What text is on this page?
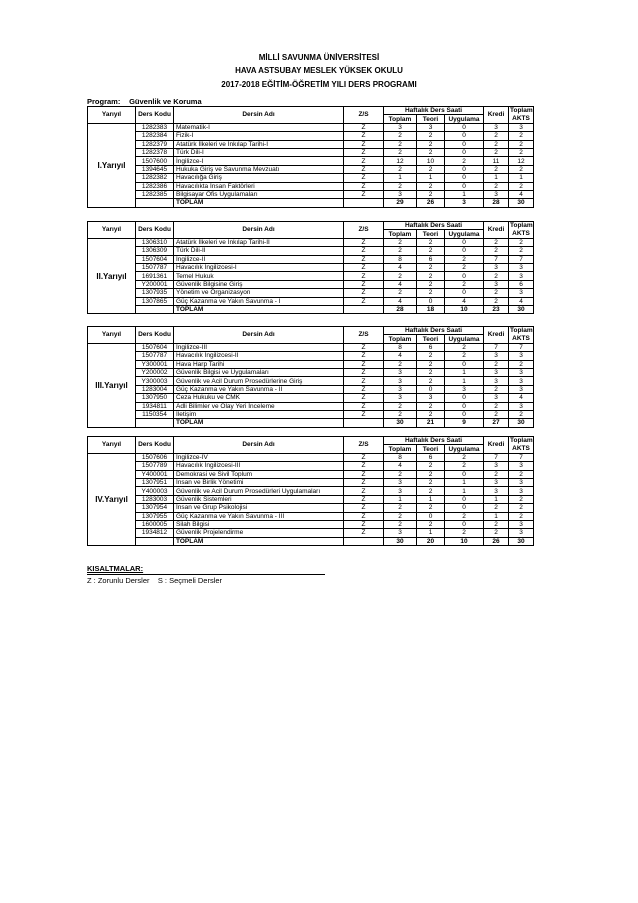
MİLLİ SAVUNMA ÜNİVERSİTESİ
HAVA ASTSUBAY MESLEK YÜKSEK OKULU
2017-2018 EĞİTİM-ÖĞRETİM YILI DERS PROGRAMI
Program: Güvenlik ve Koruma
Yarıyıl	Ders Kodu	Dersin Adı	Z/S	Haftalık Ders Saati			Kredi	Toplam AKTS
				Toplam	Teori	Uygulama		
I.Yarıyıl	1282383	Matematik-I	Z	3	3	0	3	3
	1282384	Fizik-I	Z	2	2	0	2	2
	1282379	Atatürk İlkeleri ve İnkılap Tarihi-I	Z	2	2	0	2	2
	1282378	Türk Dili-I	Z	2	2	0	2	2
	1507600	İngilizce-I	Z	12	10	2	11	12
	1394645	Hukuka Giriş ve Savunma Mevzuatı	Z	2	2	0	2	2
	1282382	Havacılığa Giriş	Z	1	1	0	1	1
	1282386	Havacılıkta İnsan Faktörleri	Z	2	2	0	2	2
	1282385	Bilgisayar Ofis Uygulamaları	Z	3	2	1	3	4
		TOPLAM		29	26	3	28	30
Yarıyıl	Ders Kodu	Dersin Adı	Z/S	Haftalık Ders Saati			Kredi	Toplam AKTS
				Toplam	Teori	Uygulama		
II.Yarıyıl	1306310	Atatürk İlkeleri ve İnkılap Tarihi-II	Z	2	2	0	2	2
	1306309	Türk Dili-II	Z	2	2	0	2	2
	1507604	İngilizce-II	Z	8	6	2	7	7
	1507787	Havacılık İngilizcesi-I	Z	4	2	2	3	3
	1691361	Temel Hukuk	Z	2	2	0	2	3
	Y200001	Güvenlik Bilgisine Giriş	Z	4	2	2	3	6
	1307935	Yönetim ve Organizasyon	Z	2	2	0	2	3
	1307865	Güç Kazanma ve Yakın Savunma - I	Z	4	0	4	2	4
		TOPLAM		28	18	10	23	30
Yarıyıl	Ders Kodu	Dersin Adı	Z/S	Haftalık Ders Saati			Kredi	Toplam AKTS
				Toplam	Teori	Uygulama		
III.Yarıyıl	1507604	İngilizce-III	Z	8	6	2	7	7
	1507787	Havacılık İngilizcesi-II	Z	4	2	2	3	3
	Y300001	Hava Harp Tarihi	Z	2	2	0	2	2
	Y200002	Güvenlik Bilgisi ve Uygulamaları	Z	3	2	1	3	3
	Y300003	Güvenlik ve Acil Durum Prosedürlerine Giriş	Z	3	2	1	3	3
	1283004	Güç Kazanma ve Yakın Savunma - II	Z	3	0	3	2	3
	1307950	Ceza Hukuku ve CMK	Z	3	3	0	3	4
	1934811	Adli Bilimler ve Olay Yeri İnceleme	Z	2	2	0	2	3
	1150354	İletişim	Z	2	2	0	2	2
		TOPLAM		30	21	9	27	30
Yarıyıl	Ders Kodu	Dersin Adı	Z/S	Haftalık Ders Saati			Kredi	Toplam AKTS
				Toplam	Teori	Uygulama		
IV.Yarıyıl	1507606	İngilizce-IV	Z	8	6	2	7	7
	1507789	Havacılık İngilizcesi-III	Z	4	2	2	3	3
	Y400001	Demokrasi ve Sivil Toplum	Z	2	2	0	2	2
	1307951	İnsan ve Birlik Yönetimi	Z	3	2	1	3	3
	Y400003	Güvenlik ve Acil Durum Prosedürleri Uygulamaları	Z	3	2	1	3	3
	1283003	Güvenlik Sistemleri	Z	1	1	0	1	2
	1307954	İnsan ve Grup Psikolojisi	Z	2	2	0	2	2
	1307955	Güç Kazanma ve Yakın Savunma - III	Z	2	0	2	1	2
	1600005	Silah Bilgisi	Z	2	2	0	2	3
	1934812	Güvenlik Projelendirme	Z	3	1	2	2	3
		TOPLAM		30	20	10	26	30
KISALTMALAR:
Z : Zorunlu Dersler    S : Seçmeli Dersler
